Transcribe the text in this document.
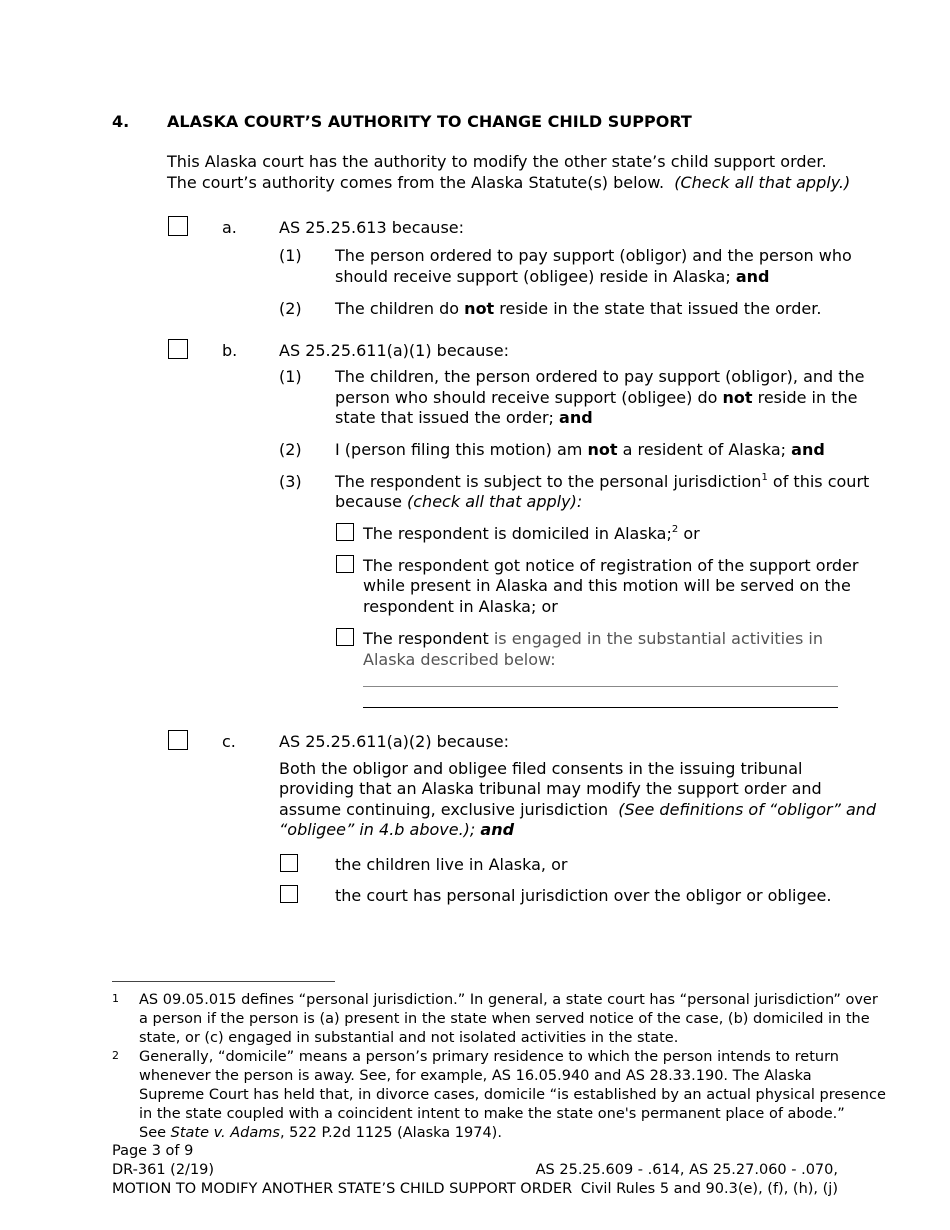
4. ALASKA COURT’S AUTHORITY TO CHANGE CHILD SUPPORT
This Alaska court has the authority to modify the other state’s child support order.
The court’s authority comes from the Alaska Statute(s) below. (Check all that apply.)
a.	AS 25.25.613 because:
(1) The person ordered to pay support (obligor) and the person who
should receive support (obligee) reside in Alaska; and
(2) The children do not reside in the state that issued the order.
b.	AS 25.25.611(a)(1) because:
(1) The children, the person ordered to pay support (obligor), and the
person who should receive support (obligee) do not reside in the
state that issued the order; and
(2) I (person filing this motion) am not a resident of Alaska; and
(3) The respondent is subject to the personal jurisdiction$^1$ of this court
because (check all that apply):
The respondent is domiciled in Alaska;$^2$ or
The respondent got notice of registration of the support order
while present in Alaska and this motion will be served on the
respondent in Alaska; or
The respondent is engaged in the substantial activities in
Alaska described below:
c.	AS 25.25.611(a)(2) because:
Both the obligor and obligee filed consents in the issuing tribunal
providing that an Alaska tribunal may modify the support order and
assume continuing, exclusive jurisdiction (See definitions of “obligor” and
“obligee” in 4.b above.); and
the children live in Alaska, or
the court has personal jurisdiction over the obligor or obligee.
1 AS 09.05.015 defines “personal jurisdiction.” In general, a state court has “personal jurisdiction” over
a person if the person is (a) present in the state when served notice of the case, (b) domiciled in the
state, or (c) engaged in substantial and not isolated activities in the state.
2 Generally, “domicile” means a person’s primary residence to which the person intends to return
whenever the person is away. See, for example, AS 16.05.940 and AS 28.33.190. The Alaska
Supreme Court has held that, in divorce cases, domicile “is established by an actual physical presence
in the state coupled with a coincident intent to make the state one's permanent place of abode.”
See State v. Adams, 522 P.2d 1125 (Alaska 1974).
Page 3 of 9
DR-361 (2/19)
MOTION TO MODIFY ANOTHER STATE’S CHILD SUPPORT ORDER
AS 25.25.609 - .614, AS 25.27.060 - .070,
Civil Rules 5 and 90.3(e), (f), (h), (j)
